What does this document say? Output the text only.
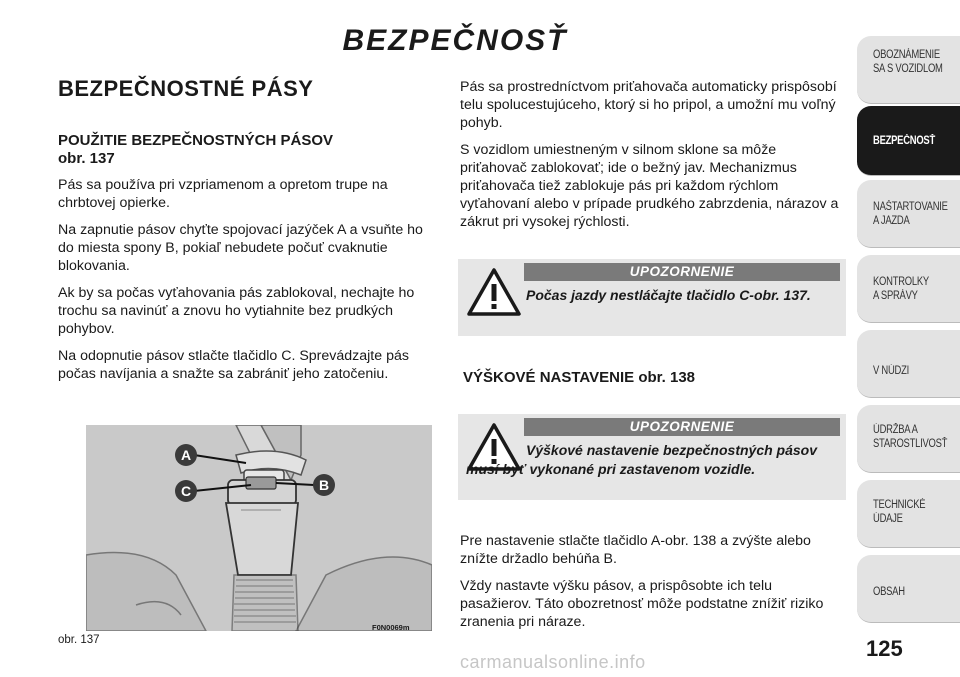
BEZPEČNOSŤ
BEZPEČNOSTNÉ PÁSY
POUŽITIE BEZPEČNOSTNÝCH PÁSOV
obr. 137

Pás sa používa pri vzpriamenom a opretom trupe na chrbtovej opierke.

Na zapnutie pásov chyťte spojovací jazýček A a vsuňte ho do miesta spony B, pokiaľ nebudete počuť cvaknutie blokovania.

Ak by sa počas vyťahovania pás zablokoval, nechajte ho trochu sa navinúť a znovu ho vytiahnite bez prudkých pohybov.

Na odopnutie pásov stlačte tlačidlo C. Sprevádzajte pás počas navíjania a snažte sa zabrániť jeho zatočeniu.

A
C	B
obr. 137
F0N0069m

Pás sa prostredníctvom priťahovača automaticky prispôsobí telu spolucestujúceho, ktorý si ho pripol, a umožní mu voľný pohyb.

S vozidlom umiestneným v silnom sklone sa môže priťahovač zablokovať; ide o bežný jav. Mechanizmus priťahovača tiež zablokuje pás pri každom rýchlom vyťahovaní alebo v prípade prudkého zabrzdenia, nárazov a zákrut pri vysokej rýchlosti.

Počas jazdy nestláčajte tlačidlo C-obr. 137.
UPOZORNENIE
VÝŠKOVÉ NASTAVENIE obr. 138
Výškové nastavenie bezpečnostných pásov musí byť vykonané pri zastavenom vozidle.
UPOZORNENIE

Pre nastavenie stlačte tlačidlo A-obr. 138 a zvýšte alebo znížte držadlo behúňa B.

Vždy nastavte výšku pásov, a prispôsobte ich telu pasažierov. Táto obozretnosť môže podstatne znížiť riziko zranenia pri náraze.

OBOZNÁMENIE
SA S VOZIDLOM
BEZPEČNOSŤ
NAŠTARTOVANIE
A JAZDA
KONTROLKY
A SPRÁVY
V NÚDZI
ÚDRŽBA A
STAROSTLIVOSŤ
TECHNICKÉ
ÚDAJE
OBSAH
125
carmanualsonline.info
